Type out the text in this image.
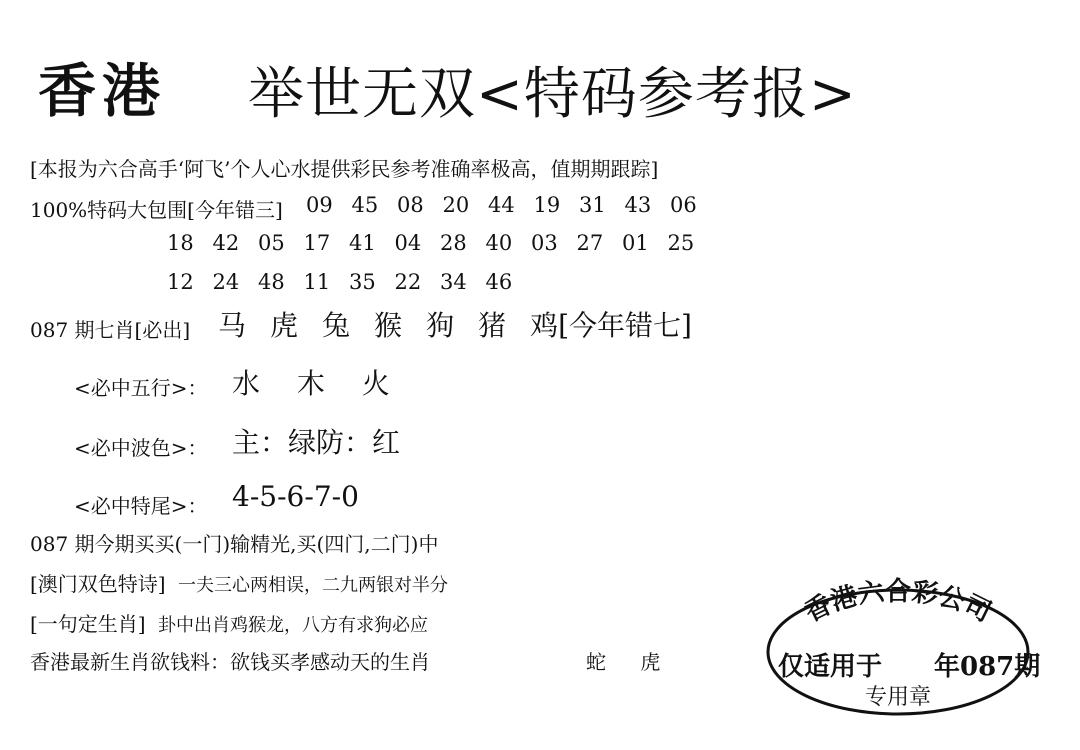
香港 举世无双<特码参考报>
[本报为六合高手‘阿飞’个人心水提供彩民参考准确率极高，值期期跟踪]
100%特码大包围[今年错三] 09 45 08 20 44 19 31 43 06
18 42 05 17 41 04 28 40 03 27 01 25
12 24 48 11 35 22 34 46
087 期七肖[必出] 马 虎 兔 猴 狗 猪 鸡[今年错七]
<必中五行>： 水　 木　 火
<必中波色>： 主：绿防：红
<必中特尾>： 4-5-6-7-0
087 期今期买买(一门)输精光,买(四门,二门)中
[澳门双色特诗] 一夫三心两相误，二九两银对半分
[一句定生肖] 卦中出肖鸡猴龙，八方有求狗必应
香港最新生肖欲钱料：欲钱买孝感动天的生肖	蛇 虎
香港六合彩公司
专用章
仅适用于　　年087期
